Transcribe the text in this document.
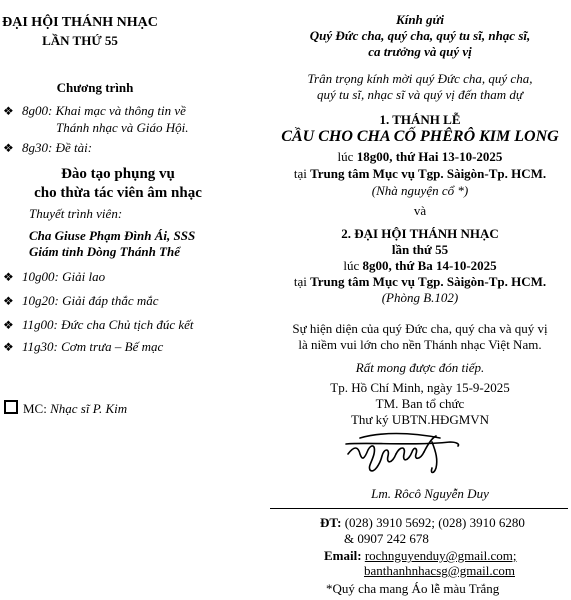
ĐẠI HỘI THÁNH NHẠC
LẦN THỨ 55
Chương trình
❖ 8g00: Khai mạc và thông tin về
Thánh nhạc và Giáo Hội.
❖ 8g30: Đề tài:
Đào tạo phụng vụ
cho thừa tác viên âm nhạc
Thuyết trình viên:
Cha Giuse Phạm Đình Ái, SSS
Giám tỉnh Dòng Thánh Thể
❖ 10g00: Giải lao
❖ 10g20: Giải đáp thắc mắc
❖ 11g00: Đức cha Chủ tịch đúc kết
❖ 11g30: Cơm trưa – Bế mạc
MC: Nhạc sĩ P. Kim
Kính gửi
Quý Đức cha, quý cha, quý tu sĩ, nhạc sĩ,
ca trưởng và quý vị
Trân trọng kính mời quý Đức cha, quý cha,
quý tu sĩ, nhạc sĩ và quý vị đến tham dự
1. THÁNH LỄ
CẦU CHO CHA CỐ PHÊRÔ KIM LONG
lúc 18g00, thứ Hai 13-10-2025
tại Trung tâm Mục vụ Tgp. Sàigòn-Tp. HCM.
(Nhà nguyện cổ *)
và
2. ĐẠI HỘI THÁNH NHẠC
lần thứ 55
lúc 8g00, thứ Ba 14-10-2025
tại Trung tâm Mục vụ Tgp. Sàigòn-Tp. HCM.
(Phòng B.102)
Sự hiện diện của quý Đức cha, quý cha và quý vị
là niềm vui lớn cho nền Thánh nhạc Việt Nam.
Rất mong được đón tiếp.
Tp. Hồ Chí Minh, ngày 15-9-2025
TM. Ban tổ chức
Thư ký UBTN.HĐGMVN
Lm. Rôcô Nguyễn Duy
ĐT: (028) 3910 5692; (028) 3910 6280
& 0907 242 678
Email: rochnguyenduy@gmail.com;
banthanhnhacsg@gmail.com
*Quý cha mang Áo lễ màu Trắng
